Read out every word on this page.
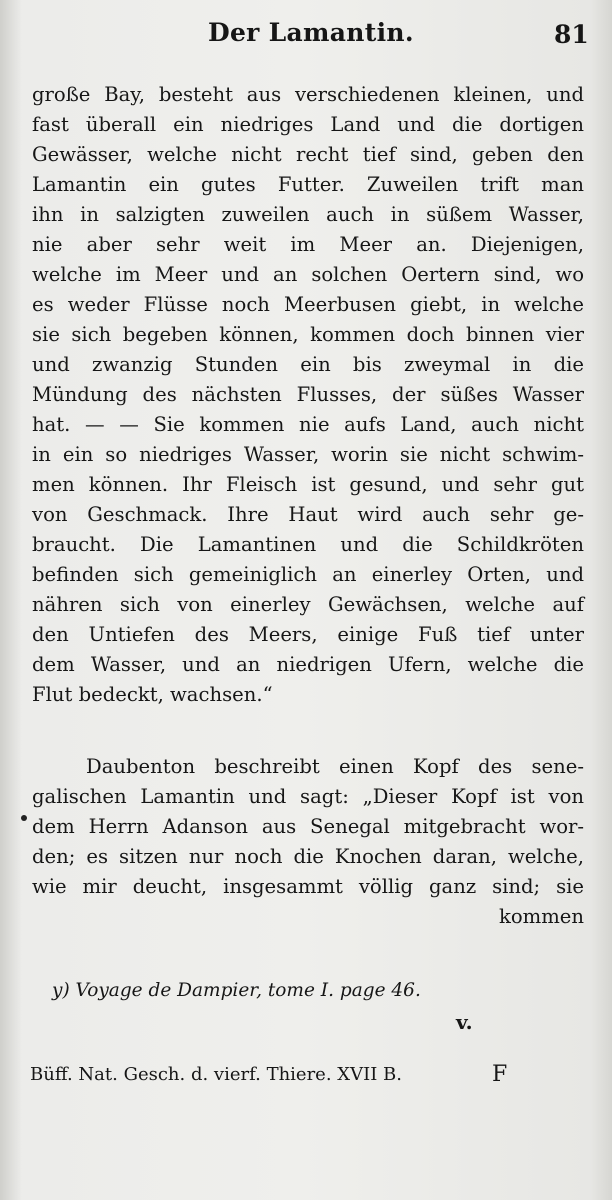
Der Lamantin.	81
große Bay, besteht aus verschiedenen kleinen, und
fast überall ein niedriges Land und die dortigen
Gewässer, welche nicht recht tief sind, geben den
Lamantin ein gutes Futter. Zuweilen trift man
ihn in salzigten zuweilen auch in süßem Wasser,
nie aber sehr weit im Meer an. Diejenigen,
welche im Meer und an solchen Oertern sind, wo
es weder Flüsse noch Meerbusen giebt, in welche
sie sich begeben können, kommen doch binnen vier
und zwanzig Stunden ein bis zweymal in die
Mündung des nächsten Flusses, der süßes Wasser
hat. — — Sie kommen nie aufs Land, auch nicht
in ein so niedriges Wasser, worin sie nicht schwim-
men können. Ihr Fleisch ist gesund, und sehr gut
von Geschmack. Ihre Haut wird auch sehr ge-
braucht. Die Lamantinen und die Schildkröten
befinden sich gemeiniglich an einerley Orten, und
nähren sich von einerley Gewächsen, welche auf
den Untiefen des Meers, einige Fuß tief unter
dem Wasser, und an niedrigen Ufern, welche die
Flut bedeckt, wachsen.“
Daubenton beschreibt einen Kopf des sene-
galischen Lamantin und sagt: „Dieser Kopf ist von
dem Herrn Adanson aus Senegal mitgebracht wor-
den; es sitzen nur noch die Knochen daran, welche,
wie mir deucht, insgesammt völlig ganz sind; sie
kommen
y) Voyage de Dampier, tome I. page 46.
v.
Büff. Nat. Gesch. d. vierf. Thiere. XVII B.	F
